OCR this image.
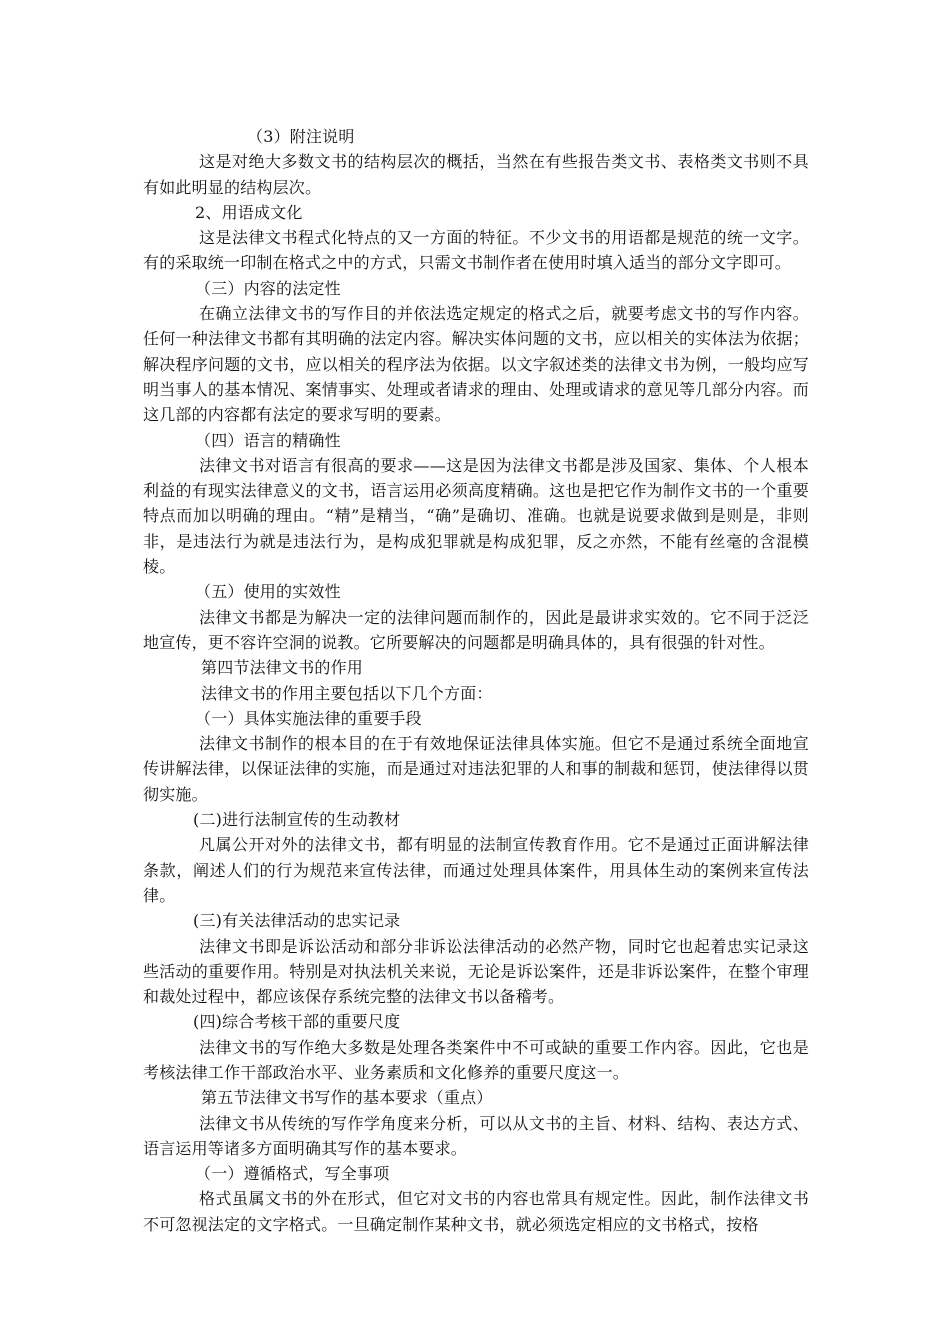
（3）附注说明

这是对绝大多数文书的结构层次的概括，当然在有些报告类文书、表格类文书则不具有如此明显的结构层次。

2、用语成文化

这是法律文书程式化特点的又一方面的特征。不少文书的用语都是规范的统一文字。有的采取统一印制在格式之中的方式，只需文书制作者在使用时填入适当的部分文字即可。

（三）内容的法定性

在确立法律文书的写作目的并依法选定规定的格式之后，就要考虑文书的写作内容。任何一种法律文书都有其明确的法定内容。解决实体问题的文书，应以相关的实体法为依据；解决程序问题的文书，应以相关的程序法为依据。以文字叙述类的法律文书为例，一般均应写明当事人的基本情况、案情事实、处理或者请求的理由、处理或请求的意见等几部分内容。而这几部的内容都有法定的要求写明的要素。

（四）语言的精确性

法律文书对语言有很高的要求——这是因为法律文书都是涉及国家、集体、个人根本利益的有现实法律意义的文书，语言运用必须高度精确。这也是把它作为制作文书的一个重要特点而加以明确的理由。“精”是精当，“确”是确切、准确。也就是说要求做到是则是，非则非，是违法行为就是违法行为，是构成犯罪就是构成犯罪，反之亦然，不能有丝毫的含混模棱。

（五）使用的实效性

法律文书都是为解决一定的法律问题而制作的，因此是最讲求实效的。它不同于泛泛地宣传，更不容许空洞的说教。它所要解决的问题都是明确具体的，具有很强的针对性。

第四节法律文书的作用

法律文书的作用主要包括以下几个方面：

（一）具体实施法律的重要手段

法律文书制作的根本目的在于有效地保证法律具体实施。但它不是通过系统全面地宣传讲解法律，以保证法律的实施，而是通过对违法犯罪的人和事的制裁和惩罚，使法律得以贯彻实施。

(二)进行法制宣传的生动教材

凡属公开对外的法律文书，都有明显的法制宣传教育作用。它不是通过正面讲解法律条款，阐述人们的行为规范来宣传法律，而通过处理具体案件，用具体生动的案例来宣传法律。

(三)有关法律活动的忠实记录

法律文书即是诉讼活动和部分非诉讼法律活动的必然产物，同时它也起着忠实记录这些活动的重要作用。特别是对执法机关来说，无论是诉讼案件，还是非诉讼案件，在整个审理和裁处过程中，都应该保存系统完整的法律文书以备稽考。

(四)综合考核干部的重要尺度

法律文书的写作绝大多数是处理各类案件中不可或缺的重要工作内容。因此，它也是考核法律工作干部政治水平、业务素质和文化修养的重要尺度这一。

第五节法律文书写作的基本要求（重点）

法律文书从传统的写作学角度来分析，可以从文书的主旨、材料、结构、表达方式、语言运用等诸多方面明确其写作的基本要求。

（一）遵循格式，写全事项

格式虽属文书的外在形式，但它对文书的内容也常具有规定性。因此，制作法律文书不可忽视法定的文字格式。一旦确定制作某种文书，就必须选定相应的文书格式，按格
